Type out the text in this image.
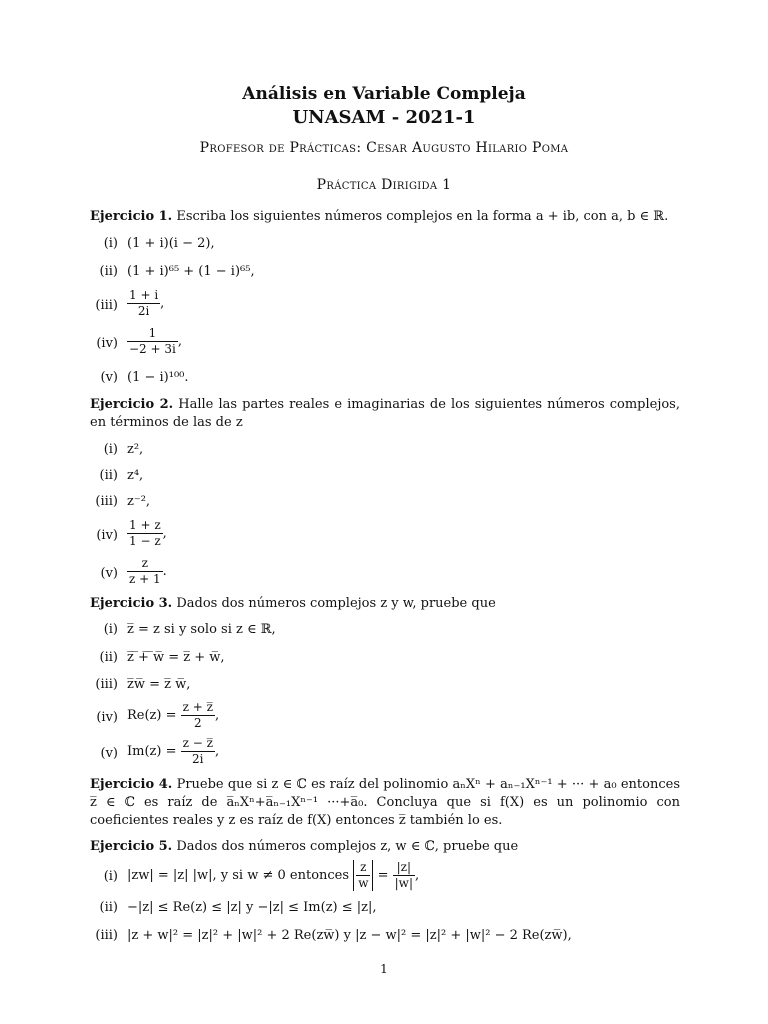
Análisis en Variable Compleja
UNASAM - 2021-1
Profesor de Prácticas: Cesar Augusto Hilario Poma
Práctica Dirigida 1
Ejercicio 1. Escriba los siguientes números complejos en la forma a + ib, con a, b ∈ ℝ.
(i) (1 + i)(i − 2),
(ii) (1 + i)⁶⁵ + (1 − i)⁶⁵,
$(iii) \frac{1 + i}{2i}$ ,
$(iv) \frac{1}{-2 + 3i}$ ,
(v) (1 − i)¹⁰⁰.
Ejercicio 2. Halle las partes reales e imaginarias de los siguientes números complejos, en términos de las de z
(i) z²,
(ii) z⁴,
(iii) z⁻²,
$(iv) \frac{1 + z}{1 - z}$ ,
$(v) \frac{z}{z + 1}$ .
Ejercicio 3. Dados dos números complejos z y w, pruebe que
(i) z̅ = z si y solo si z ∈ ℝ,
(ii) z̅ ̅+̅ ̅w̅ = z̅ + w̅,
(iii) z̅w̅ = z̅ w̅,
(iv) $Re(z) = \frac{z + z̅}{2}$ ,
(v) $Im(z) = \frac{z - z̅}{2i}$ ,
Ejercicio 4. Pruebe que si z ∈ ℂ es raíz del polinomio aₙXⁿ + aₙ₋₁Xⁿ⁻¹ + ··· + a₀ entonces z̅ ∈ ℂ es raíz de a̅ₙXⁿ+a̅ₙ₋₁Xⁿ⁻¹ ···+a̅₀. Concluya que si f(X) es un polinomio con coeficientes reales y z es raíz de f(X) entonces z̅ también lo es.
Ejercicio 5. Dados dos números complejos z, w ∈ ℂ, pruebe que
(i) |zw| = |z| |w|, y si w ≠ 0 entonces $\frac{z}{w} = \frac{|z|}{|w|}$ ,
(ii) −|z| ≤ Re(z) ≤ |z| y −|z| ≤ Im(z) ≤ |z|,
(iii) |z + w|² = |z|² + |w|² + 2 Re(zw̅) y |z − w|² = |z|² + |w|² − 2 Re(zw̅),
1
